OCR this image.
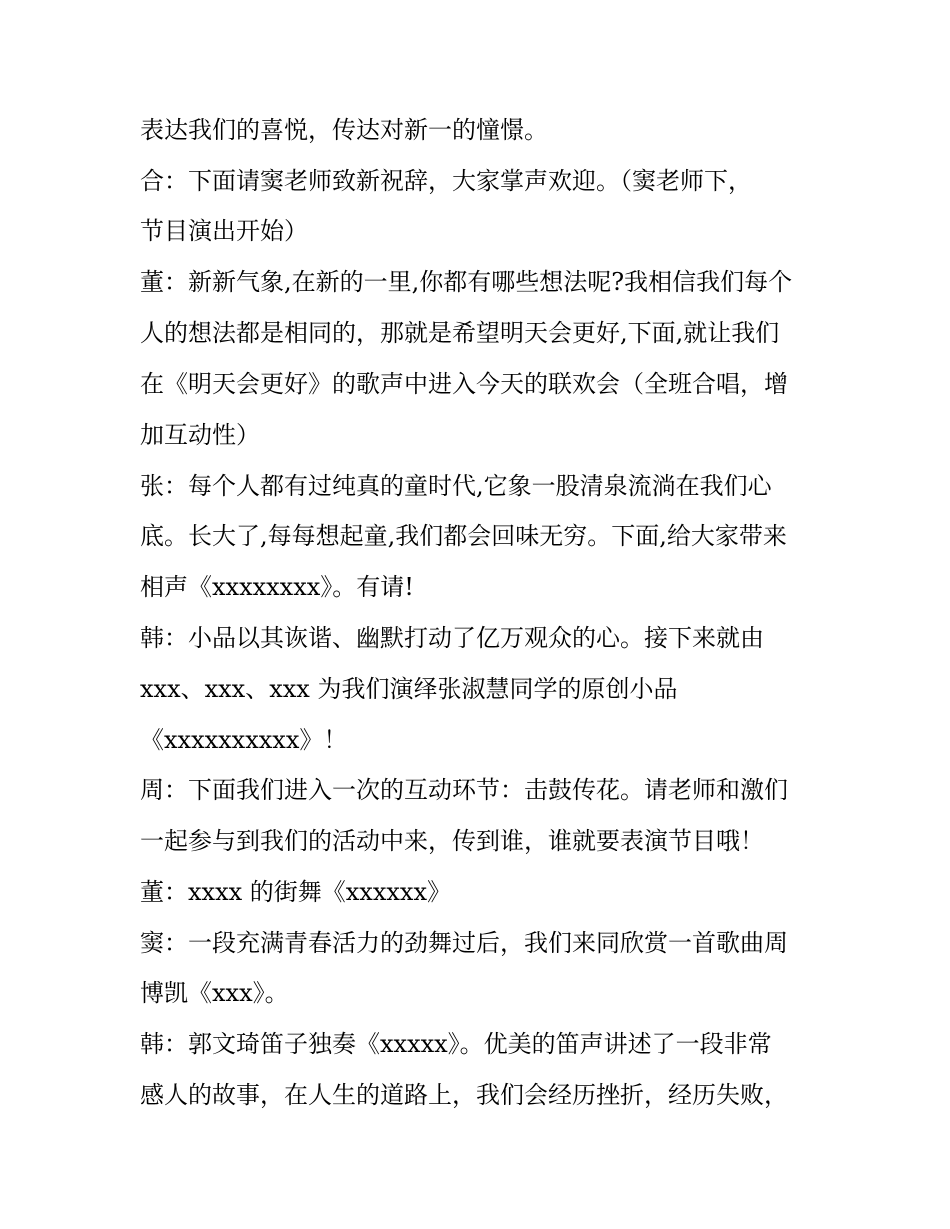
表达我们的喜悦，传达对新一的憧憬。
合：下面请窦老师致新祝辞，大家掌声欢迎。（窦老师下，
节目演出开始）
董：新新气象,在新的一里,你都有哪些想法呢?我相信我们每个
人的想法都是相同的，那就是希望明天会更好,下面,就让我们
在《明天会更好》的歌声中进入今天的联欢会（全班合唱，增
加互动性）
张：每个人都有过纯真的童时代,它象一股清泉流淌在我们心
底。长大了,每每想起童,我们都会回味无穷。下面,给大家带来
相声《xxxxxxxx》。有请!
韩：小品以其诙谐、幽默打动了亿万观众的心。接下来就由
xxx、xxx、xxx 为我们演绎张淑慧同学的原创小品
《xxxxxxxxxx》！
周：下面我们进入一次的互动环节：击鼓传花。请老师和激们
一起参与到我们的活动中来，传到谁，谁就要表演节目哦！
董：xxxx 的街舞《xxxxxx》
窦：一段充满青春活力的劲舞过后，我们来同欣赏一首歌曲周
博凯《xxx》。
韩：郭文琦笛子独奏《xxxxx》。优美的笛声讲述了一段非常
感人的故事，在人生的道路上，我们会经历挫折，经历失败，
